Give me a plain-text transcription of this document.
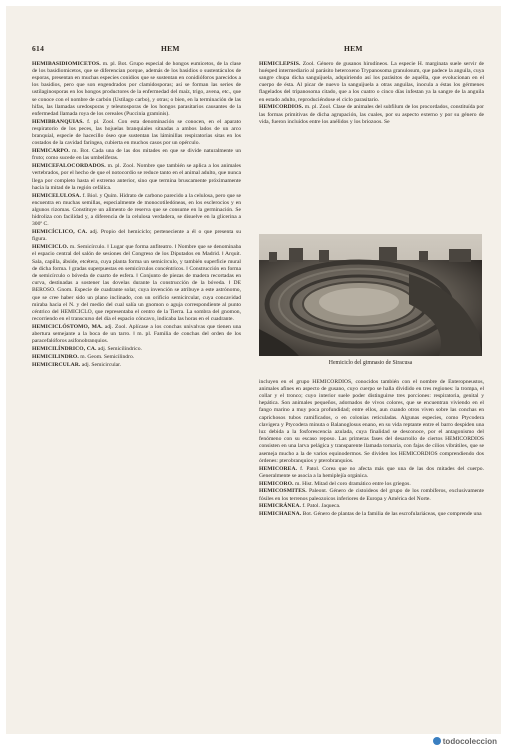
614	HEM	HEM

HEMIBASIDIOMICETOS. m. pl. Bot. Grupo especial de hongos eumicetos, de la clase de los basidiomicetos, que se diferencian porque, además de los basidios o sustentáculos de esporas, presentan en muchas especies conidios que se sustentan en conidióforos parecidos a los basidios, pero que son engendrados por clamidosporas; así se forman las series de ustilaginosporas en los hongos productores de la enfermedad del maíz, trigo, avena, etc., que se conoce con el nombre de carbón (Ustilago carbo), y otras; o bien, en la terminación de las hifas, las llamadas uredosporas y teleutosporas de los hongos parasitarios causantes de la enfermedad llamada roya de los cereales (Puccinia graminis).

HEMIBRANQUIAS. f. pl. Zool. Con esta denominación se conocen, en el aparato respiratorio de los peces, las hojuelas branquiales situadas a ambos lados de un arco branquial, especie de hacecillo óseo que sustentan las láminillas respiratorias sitas en los costados de la cavidad faríngea, cubierta en muchos casos por un opérculo.

HEMICARPO. m. Bot. Cada una de las dos mitades en que se divide naturalmente un fruto; como sucede en las umbelíferas.

HEMICEFALOCORDADOS. m. pl. Zool. Nombre que también se aplica a los animales vertebrados, por el hecho de que el notocordio se reduce tanto en el animal adulto, que nunca llega por completo hasta el extremo anterior, sino que termina bruscamente próximamente hacia la mitad de la región cefálica.

HEMICELULOSA. f. Biol. y Quím. Hidrato de carbono parecido a la celulosa, pero que se encuentra en muchas semillas, especialmente de monocotiledóneas, en los esclerocios y en algunos rizomas. Constituye un alimento de reserva que se consume en la germinación. Se hidroliza con facilidad y, a diferencia de la celulosa verdadera, se disuelve en la glicerina a 300º C.

HEMICÍCLICO, CA. adj. Propio del hemiciclo; perteneciente a él o que presenta su figura.

HEMICICLO. m. Semicírculo. ‖ Lugar que forma anfiteatro. ‖ Nombre que se denominaba el espacio central del salón de sesiones del Congreso de los Diputados en Madrid. ‖ Arquit. Sala, capilla, ábside, etcétera, cuya planta forma un semicírculo, y también superficie mural de dicha forma. ‖ gradas superpuestas en semicírculos concéntricos. ‖ Construcción en forma de semicírculo o bóveda de cuarto de esfera. ‖ Conjunto de piezas de madera recortadas en curva, destinadas a sostener las dovelas durante la construcción de la bóveda. ‖ DE BEROSO. Gnom. Especie de cuadrante solar, cuya invención se atribuye a este astrónomo, que se cree haber sido un plano inclinado, con un orificio semicircular, cuya concavidad miraba hacia el N. y del medio del cual salía un gnomon o aguja correspondiente al punto céntrico del HEMICICLO, que representaba el centro de la Tierra. La sombra del gnomon, recorriendo en el transcurso del día el espacio cóncavo, indicaba las horas en el cuadrante.

HEMICICLÓSTOMO, MA. adj. Zool. Aplícase a los conchas univalvas que tienen una abertura semejante a la boca de un tarro. ‖ m. pl. Familia de conchas del orden de los paracefalóforos asifonobranquios.

HEMICILÍNDRICO, CA. adj. Semicilíndrico.

HEMICILINDRO. m. Geom. Semicilindro.

HEMICIRCULAR. adj. Semicircular.

HEMICLEPSIS. Zool. Género de gusanos hirudíneos. La especie H. marginata suele servir de huésped intermediario al parásito heteroxeno Trypanosoma granulosum, que padece la anguila, cuya sangre chupa dicha sanguijuela, adquiriendo así los parásitos de aquélla, que evolucionan en el cuerpo de ésta. Al picar de nuevo la sanguijuela a otras anguilas, inocula a éstas los gérmenes flagelados del tripanosoma citado, que a los cuatro o cinco días infestan ya la sangre de la anguila en estado adulto, reproduciéndose el ciclo parasitario.

HEMICORDIOS. m. pl. Zool. Clase de animales del subfilum de los procordados, constituída por las formas primitivas de dicha agrupación, las cuales, por su aspecto externo y por su género de vida, fueron incluídos entre los anélidos y los briozoos. Se

Hemiciclo del gimnasio de Siracusa

incluyen en el grupo HEMICORDIOS, conocidos también con el nombre de Enteropneustos, animales afines en aspecto de gusano, cuyo cuerpo se halla dividido en tres regiones: la trompa, el collar y el tronco; cuyo interior suele poder distinguirse tres porciones: respiratoria, genital y hepática. Son animales pequeños, adornados de vivos colores, que se encuentran viviendo en el fango marino a muy poca profundidad; entre ellos, aun cuando otros viven sobre las conchas en caprichosos tubos ramificados, o en colonias reticuladas. Algunas especies, como Ptycodera clavigera y Ptycodera minuta o Balanoglosus enano, en su vida reptante entre el barro despiden una luz debida a la fosforescencia azulada, cuya finalidad se desconoce, por el antagonismo del fenómeno con su escaso reposo. Las primeras fases del desarrollo de ciertos HEMICORDIOS consisten en una larva pelágica y transparente llamada tornaria, con fajas de cilios vibrátiles, que se asemeja mucho a la de varios equinodermos. Se dividen los HEMICORDIOS comprendiendo dos órdenes: pterobranquios y pterobranquios.

HEMICOREA. f. Patol. Corea que no afecta más que una de las dos mitades del cuerpo. Generalmente se asocia a la hemiplejía orgánica.

HEMICORO. m. Hist. Mitad del coro dramático entre los griegos.

HEMICOSMITES. Paleont. Género de cistoideos del grupo de los rombíferos, exclusivamente fósiles en los terrenos paleozoicos inferiores de Europa y América del Norte.

HEMICRÁNEA. f. Patol. Jaqueca.

HEMICHAENA. Bot. Género de plantas de la familia de las escrofulariáceas, que comprende una

todocoleccion
